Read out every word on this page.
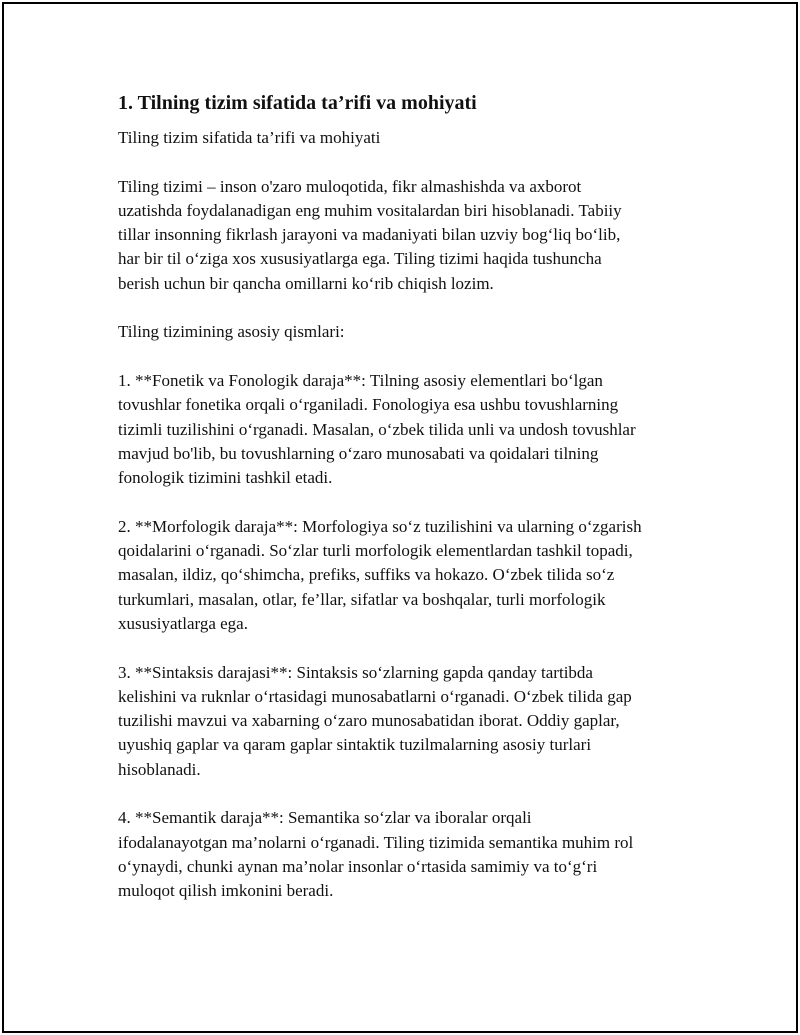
1. Tilning tizim sifatida ta’rifi va mohiyati
Tiling tizim sifatida ta’rifi va mohiyati
Tiling tizimi – inson o'zaro muloqotida, fikr almashishda va axborot
uzatishda foydalanadigan eng muhim vositalardan biri hisoblanadi. Tabiiy
tillar insonning fikrlash jarayoni va madaniyati bilan uzviy bog‘liq bo‘lib,
har bir til o‘ziga xos xususiyatlarga ega. Tiling tizimi haqida tushuncha
berish uchun bir qancha omillarni ko‘rib chiqish lozim.
Tiling tizimining asosiy qismlari:
1. **Fonetik va Fonologik daraja**: Tilning asosiy elementlari bo‘lgan
tovushlar fonetika orqali o‘rganiladi. Fonologiya esa ushbu tovushlarning
tizimli tuzilishini o‘rganadi. Masalan, o‘zbek tilida unli va undosh tovushlar
mavjud bo'lib, bu tovushlarning o‘zaro munosabati va qoidalari tilning
fonologik tizimini tashkil etadi.
2. **Morfologik daraja**: Morfologiya so‘z tuzilishini va ularning o‘zgarish
qoidalarini o‘rganadi. So‘zlar turli morfologik elementlardan tashkil topadi,
masalan, ildiz, qo‘shimcha, prefiks, suffiks va hokazo. O‘zbek tilida so‘z
turkumlari, masalan, otlar, fe’llar, sifatlar va boshqalar, turli morfologik
xususiyatlarga ega.
3. **Sintaksis darajasi**: Sintaksis so‘zlarning gapda qanday tartibda
kelishini va ruknlar o‘rtasidagi munosabatlarni o‘rganadi. O‘zbek tilida gap
tuzilishi mavzui va xabarning o‘zaro munosabatidan iborat. Oddiy gaplar,
uyushiq gaplar va qaram gaplar sintaktik tuzilmalarning asosiy turlari
hisoblanadi.
4. **Semantik daraja**: Semantika so‘zlar va iboralar orqali
ifodalanayotgan ma’nolarni o‘rganadi. Tiling tizimida semantika muhim rol
o‘ynaydi, chunki aynan ma’nolar insonlar o‘rtasida samimiy va to‘g‘ri
muloqot qilish imkonini beradi.
